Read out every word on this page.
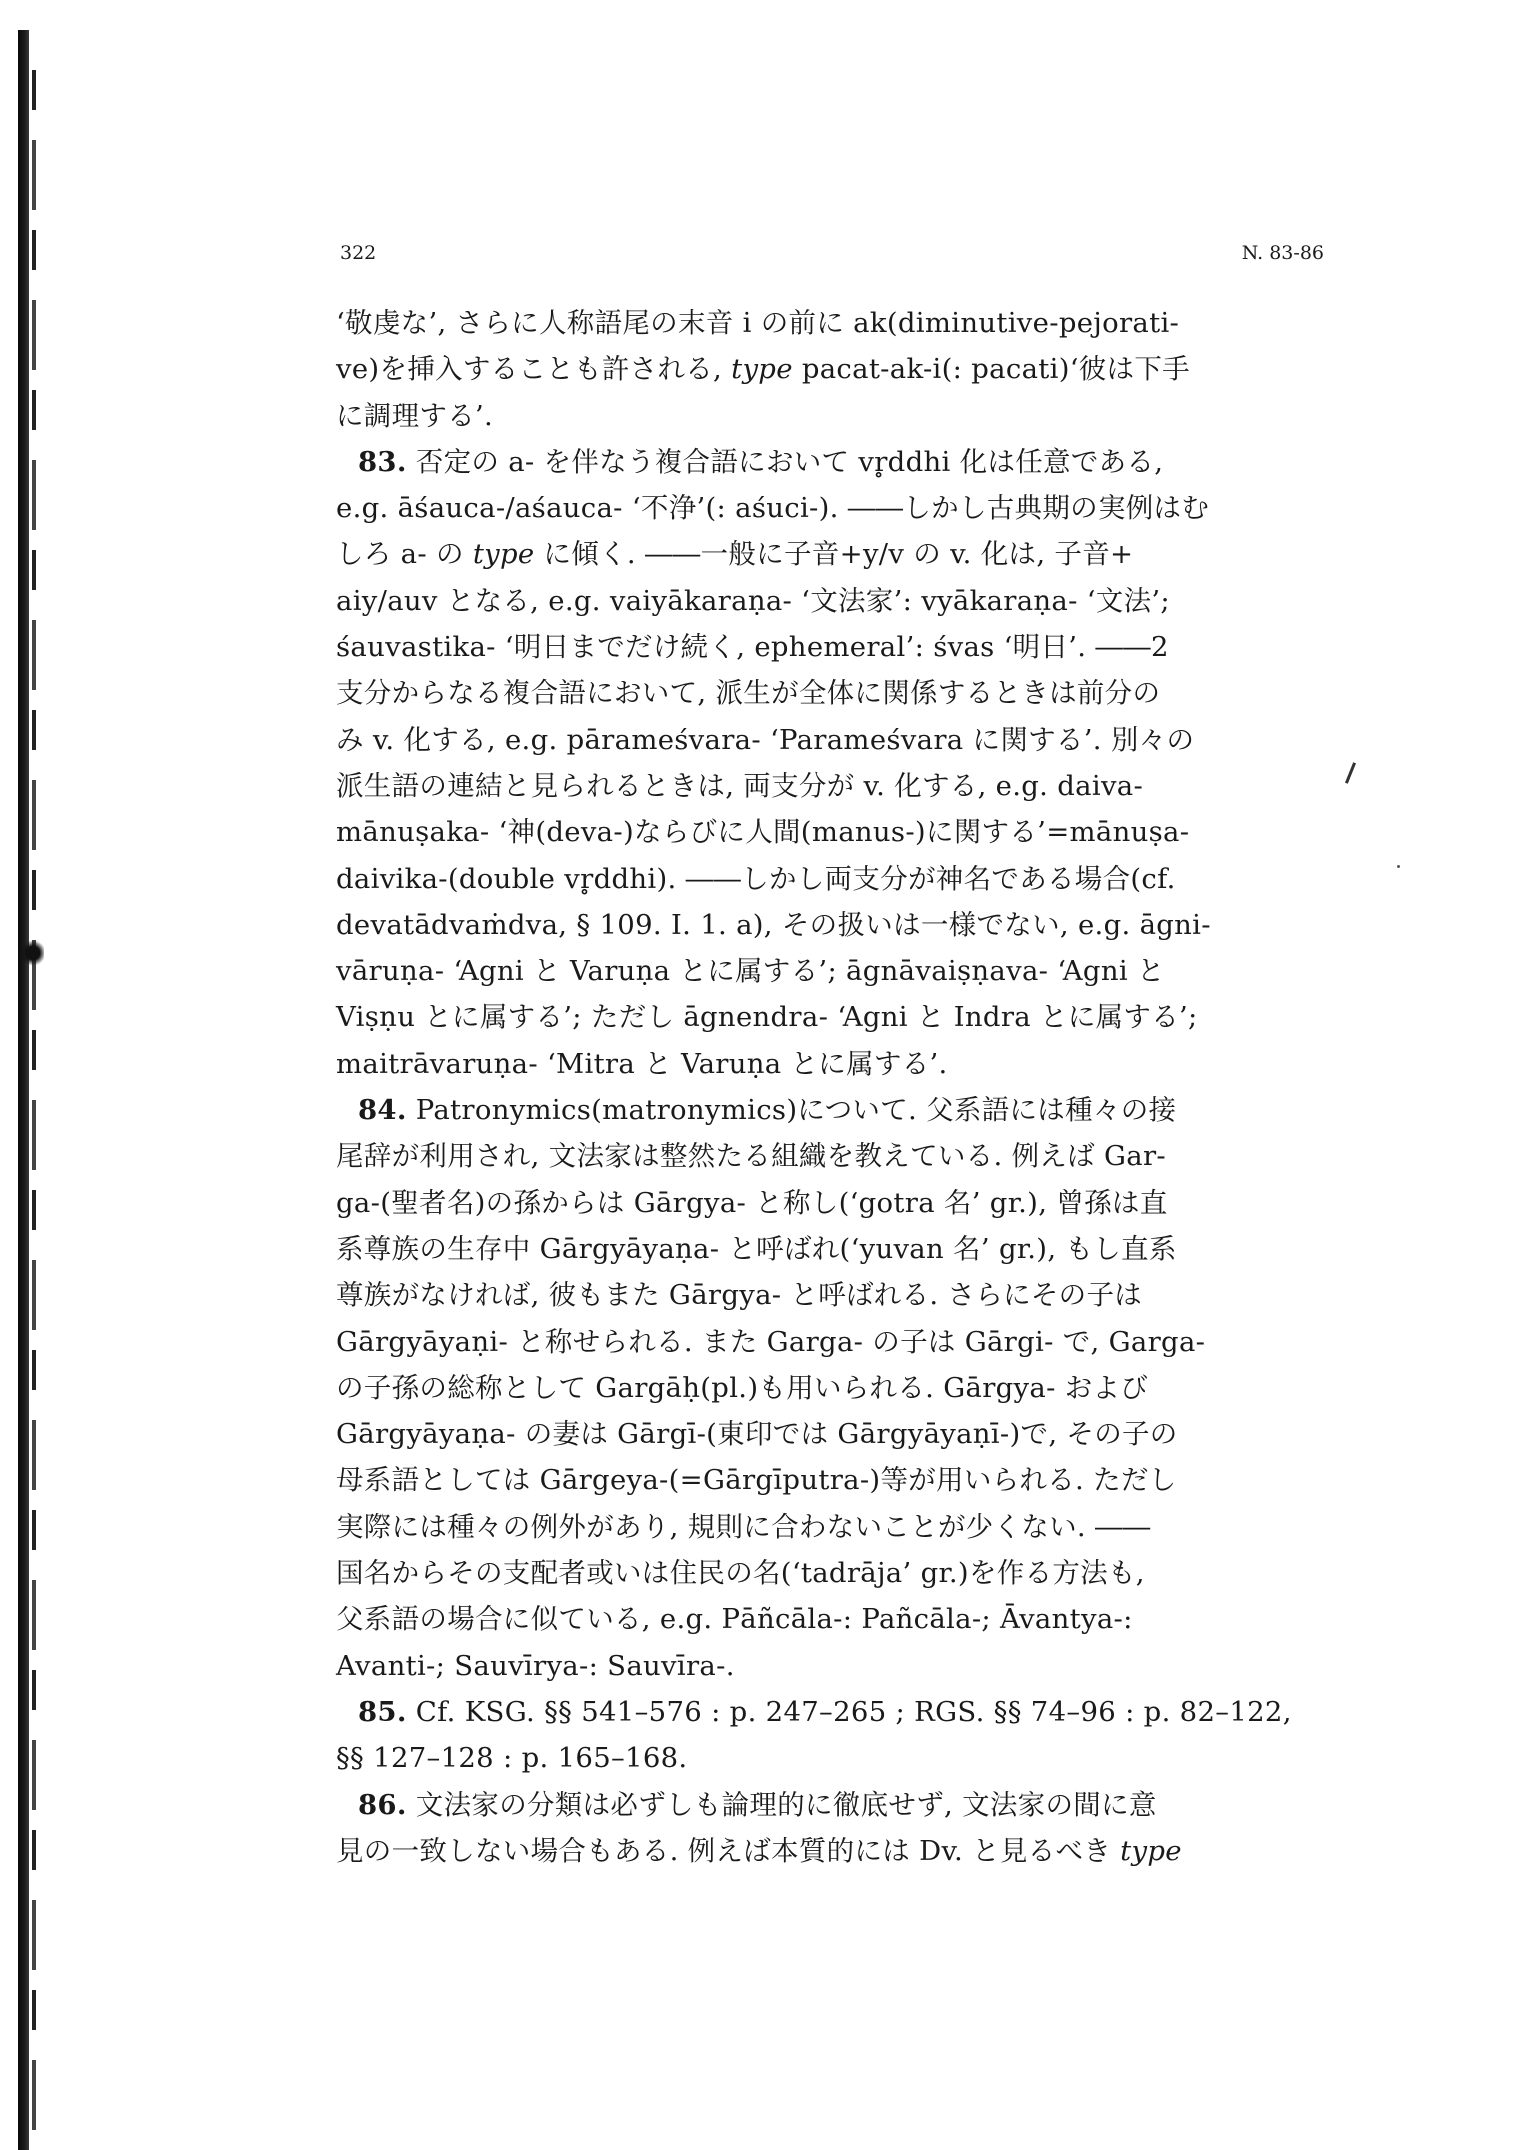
322	N. 83-86
‘敬虔な’, さらに人称語尾の末音 i の前に ak(diminutive-pejorati-
ve)を挿入することも許される, type pacat-ak-i(: pacati)‘彼は下手
に調理する’.
83. 否定の a- を伴なう複合語において vr̥ddhi 化は任意である,
e.g. āśauca-/aśauca- ‘不浄’(: aśuci-). ――しかし古典期の実例はむ
しろ a- の type に傾く. ――一般に子音+y/v の v. 化は, 子音+
aiy/auv となる, e.g. vaiyākaraṇa- ‘文法家’: vyākaraṇa- ‘文法’;
śauvastika- ‘明日までだけ続く, ephemeral’: śvas ‘明日’. ――2
支分からなる複合語において, 派生が全体に関係するときは前分の
み v. 化する, e.g. pārameśvara- ‘Parameśvara に関する’. 別々の
派生語の連結と見られるときは, 両支分が v. 化する, e.g. daiva-
mānuṣaka- ‘神(deva-)ならびに人間(manus-)に関する’=mānuṣa-
daivika-(double vr̥ddhi). ――しかし両支分が神名である場合(cf.
devatādvaṁdva, § 109. I. 1. a), その扱いは一様でない, e.g. āgni-
vāruṇa- ‘Agni と Varuṇa とに属する’; āgnāvaiṣṇava- ‘Agni と
Viṣṇu とに属する’; ただし āgnendra- ‘Agni と Indra とに属する’;
maitrāvaruṇa- ‘Mitra と Varuṇa とに属する’.
84. Patronymics(matronymics)について. 父系語には種々の接
尾辞が利用され, 文法家は整然たる組織を教えている. 例えば Gar-
ga-(聖者名)の孫からは Gārgya- と称し(‘gotra 名’ gr.), 曾孫は直
系尊族の生存中 Gārgyāyaṇa- と呼ばれ(‘yuvan 名’ gr.), もし直系
尊族がなければ, 彼もまた Gārgya- と呼ばれる. さらにその子は
Gārgyāyaṇi- と称せられる. また Garga- の子は Gārgi- で, Garga-
の子孫の総称として Gargāḥ(pl.)も用いられる. Gārgya- および
Gārgyāyaṇa- の妻は Gārgī-(東印では Gārgyāyaṇī-)で, その子の
母系語としては Gārgeya-(=Gārgīputra-)等が用いられる. ただし
実際には種々の例外があり, 規則に合わないことが少くない. ――
国名からその支配者或いは住民の名(‘tadrāja’ gr.)を作る方法も,
父系語の場合に似ている, e.g. Pāñcāla-: Pañcāla-; Āvantya-:
Avanti-; Sauvīrya-: Sauvīra-.
85. Cf. KSG. §§ 541–576 : p. 247–265 ; RGS. §§ 74–96 : p. 82–122,
§§ 127–128 : p. 165–168.
86. 文法家の分類は必ずしも論理的に徹底せず, 文法家の間に意
見の一致しない場合もある. 例えば本質的には Dv. と見るべき type
